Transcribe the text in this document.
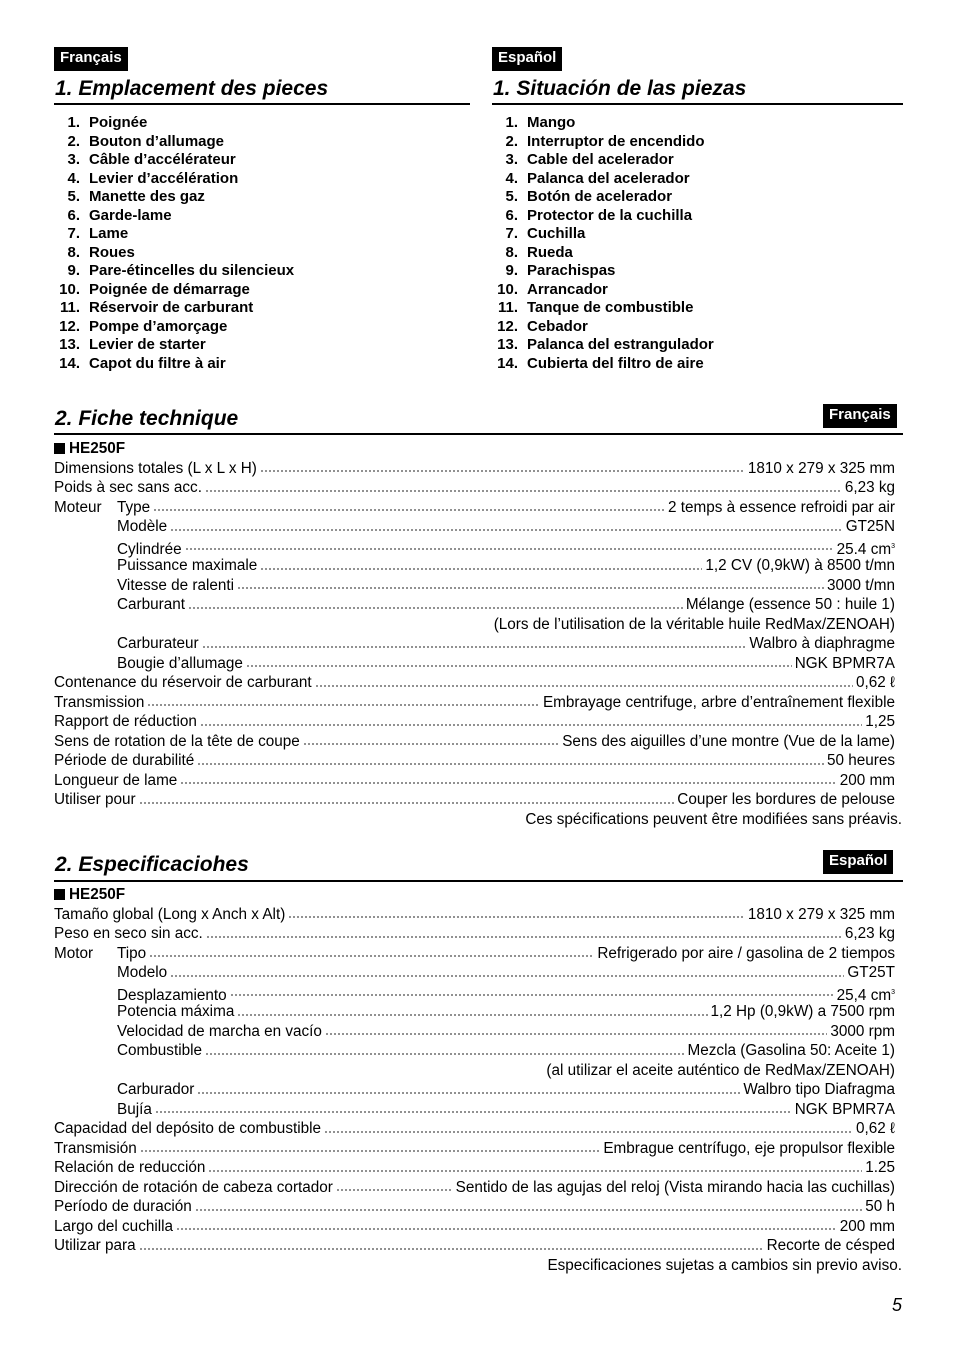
Français	Español
1. Emplacement des pieces	1. Situación de las piezas
1. Poignée
2. Bouton d’allumage
3. Câble d’accélérateur
4. Levier d’accélération
5. Manette des gaz
6. Garde-lame
7. Lame
8. Roues
9. Pare-étincelles du silencieux
10. Poignée de démarrage
11. Réservoir de carburant
12. Pompe d’amorçage
13. Levier de starter
14. Capot du filtre à air
1. Mango
2. Interruptor de encendido
3. Cable del acelerador
4. Palanca del acelerador
5. Botón de acelerador
6. Protector de la cuchilla
7. Cuchilla
8. Rueda
9. Parachispas
10. Arrancador
11. Tanque de combustible
12. Cebador
13. Palanca del estrangulador
14. Cubierta del filtro de aire
2. Fiche technique	Français
HE250F
Dimensions totales (L x L x H)	1810 x 279 x 325 mm
Poids à sec sans acc.	6,23 kg
Moteur	Type	2 temps à essence refroidi par air
Modèle	GT25N
Cylindrée	25.4 $cm^3$
Puissance maximale	1,2 CV (0,9kW) à 8500 t/mn
Vitesse de ralenti	3000 t/mn
Carburant	Mélange (essence 50 : huile 1)
(Lors de l’utilisation de la véritable huile RedMax/ZENOAH)
Carburateur	Walbro à diaphragme
Bougie d’allumage	NGK BPMR7A
Contenance du réservoir de carburant	0,62 ℓ
Transmission	Embrayage centrifuge, arbre d’entraînement flexible
Rapport de réduction	1,25
Sens de rotation de la tête de coupe	Sens des aiguilles d’une montre (Vue de la lame)
Période de durabilité	50 heures
Longueur de lame	200 mm
Utiliser pour	Couper les bordures de pelouse
Ces spécifications peuvent être modifiées sans préavis.
2. Especificaciohes	Español
HE250F
Tamaño global (Long x Anch x Alt)	1810 x 279 x 325 mm
Peso en seco sin acc.	6,23 kg
Motor	Tipo	Refrigerado por aire / gasolina de 2 tiempos
Modelo	GT25T
Desplazamiento	25,4 $cm^3$
Potencia máxima	1,2 Hp (0,9kW) a 7500 rpm
Velocidad de marcha en vacío	3000 rpm
Combustible	Mezcla (Gasolina 50: Aceite 1)
(al utilizar el aceite auténtico de RedMax/ZENOAH)
Carburador	Walbro tipo Diafragma
Bujía	NGK BPMR7A
Capacidad del depósito de combustible	0,62 ℓ
Transmisión	Embrague centrífugo, eje propulsor flexible
Relación de reducción	1.25
Dirección de rotación de cabeza cortador	Sentido de las agujas del reloj (Vista mirando hacia las cuchillas)
Período de duración	50 h
Largo del cuchilla	200 mm
Utilizar para	Recorte de césped
Especificaciones sujetas a cambios sin previo aviso.
5
